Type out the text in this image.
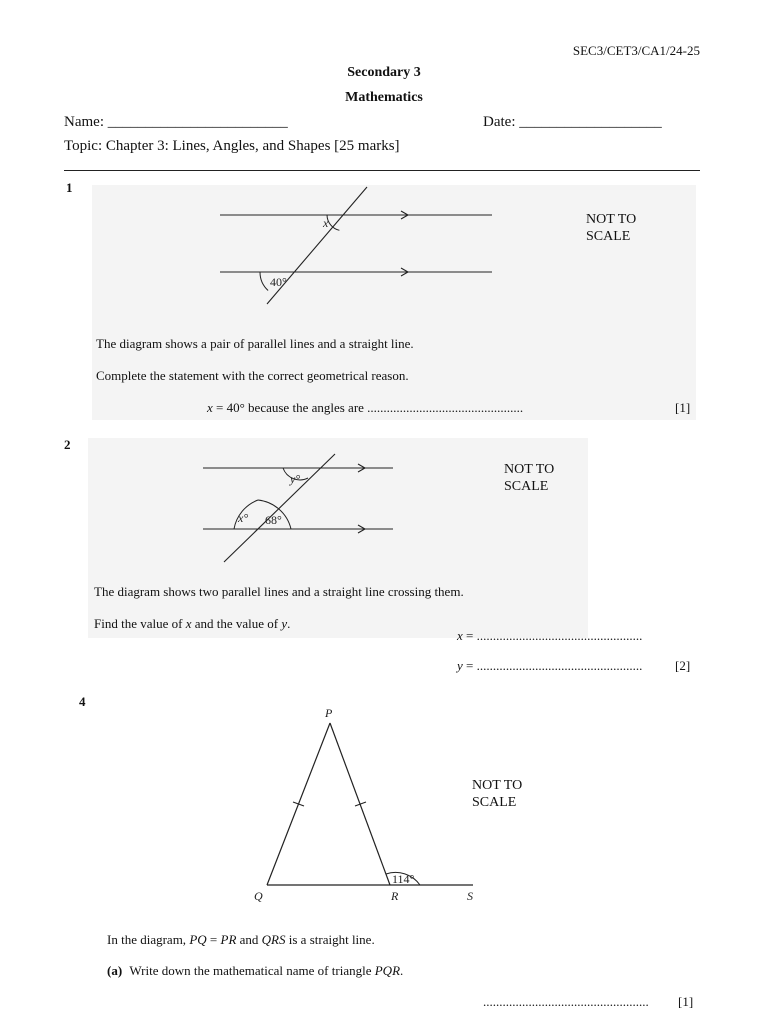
SEC3/CET3/CA1/24-25
Secondary 3
Mathematics
Name: ________________________	Date: ___________________
Topic: Chapter 3: Lines, Angles, and Shapes [25 marks]
1
x
40°
NOT TO
SCALE
The diagram shows a pair of parallel lines and a straight line.
Complete the statement with the correct geometrical reason.
x = 40° because the angles are ................................................	[1]
2
y°
x° 68°
NOT TO
SCALE
The diagram shows two parallel lines and a straight line crossing them.
Find the value of x and the value of y.
x = ...................................................
y = ...................................................	[2]
4
P
Q	R	S
114°
NOT TO
SCALE
In the diagram, PQ = PR and QRS is a straight line.
(a) Write down the mathematical name of triangle PQR.
................................................... [1]
